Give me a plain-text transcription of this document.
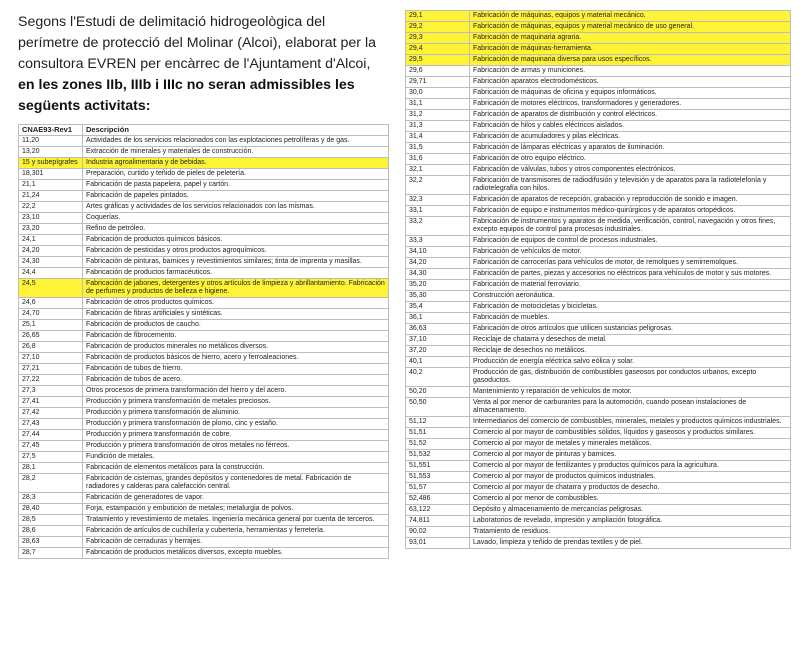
Segons l'Estudi de delimitació hidrogeològica del perímetre de protecció del Molinar (Alcoi), elaborat per la consultora EVREN per encàrrec de l'Ajuntament d'Alcoi, en les zones IIb, IIIb i IIIc no seran admissibles les següents activitats:
CNAE93-Rev1	Descripción
11,20	Actividades de los servicios relacionados con las explotaciones petrolíferas y de gas.
13,20	Extracción de minerales y materiales de construcción.
15 y subepígrafes	Industria agroalimentaria y de bebidas.
18,301	Preparación, curtido y teñido de pieles de peletería.
21,1	Fabricación de pasta papelera, papel y cartón.
21,24	Fabricación de papeles pintados.
22,2	Artes gráficas y actividades de los servicios relacionados con las mismas.
23,10	Coquerías.
23,20	Refino de petróleo.
24,1	Fabricación de productos químicos básicos.
24,20	Fabricación de pesticidas y otros productos agroquímicos.
24,30	Fabricación de pinturas, barnices y revestimientos similares; tinta de imprenta y masillas.
24,4	Fabricación de productos farmacéuticos.
24,5	Fabricación de jabones, detergentes y otros artículos de limpieza y abrillantamiento. Fabricación de perfumes y productos de belleza e higiene.
24,6	Fabricación de otros productos químicos.
24,70	Fabricación de fibras artificiales y sintéticas.
25,1	Fabricación de productos de caucho.
26,65	Fabricación de fibrocemento.
26,8	Fabricación de productos minerales no metálicos diversos.
27,10	Fabricación de productos básicos de hierro, acero y ferroaleaciones.
27,21	Fabricación de tubos de hierro.
27,22	Fabricación de tubos de acero.
27,3	Otros procesos de primera transformación del hierro y del acero.
27,41	Producción y primera transformación de metales preciosos.
27,42	Producción y primera transformación de aluminio.
27,43	Producción y primera transformación de plomo, cinc y estaño.
27,44	Producción y primera transformación de cobre.
27,45	Producción y primera transformación de otros metales no férreos.
27,5	Fundición de metales.
28,1	Fabricación de elementos metálicos para la construcción.
28,2	Fabricación de cisternas, grandes depósitos y contenedores de metal. Fabricación de radiadores y calderas para calefacción central.
28,3	Fabricación de generadores de vapor.
28,40	Forja, estampación y embutición de metales; metalurgia de polvos.
28,5	Tratamiento y revestimiento de metales. Ingeniería mecánica general por cuenta de terceros.
28,6	Fabricación de artículos de cuchillería y cubertería, herramientas y ferretería.
28,63	Fabricación de cerraduras y herrajes.
28,7	Fabricación de productos metálicos diversos, excepto muebles.
29,1	Fabricación de máquinas, equipos y material mecánico.
29,2	Fabricación de máquinas, equipos y material mecánico de uso general.
29,3	Fabricación de maquinaria agraria.
29,4	Fabricación de máquinas-herramienta.
29,5	Fabricación de maquinaria diversa para usos específicos.
29,6	Fabricación de armas y municiones.
29,71	Fabricación aparatos electrodomésticos.
30,0	Fabricación de máquinas de oficina y equipos informáticos.
31,1	Fabricación de motores eléctricos, transformadores y generadores.
31,2	Fabricación de aparatos de distribución y control eléctricos.
31,3	Fabricación de hilos y cables eléctricos aislados.
31,4	Fabricación de acumuladores y pilas eléctricas.
31,5	Fabricación de lámparas eléctricas y aparatos de iluminación.
31,6	Fabricación de otro equipo eléctrico.
32,1	Fabricación de válvulas, tubos y otros componentes electrónicos.
32,2	Fabricación de transmisores de radiodifusión y televisión y de aparatos para la radiotelefonía y radiotelegrafía con hilos.
32,3	Fabricación de aparatos de recepción, grabación y reproducción de sonido e imagen.
33,1	Fabricación de equipo e instrumentos médico-quirúrgicos y de aparatos ortopédicos.
33,2	Fabricación de instrumentos y aparatos de medida, verificación, control, navegación y otros fines, excepto equipos de control para procesos industriales.
33,3	Fabricación de equipos de control de procesos industriales.
34,10	Fabricación de vehículos de motor.
34,20	Fabricación de carrocerías para vehículos de motor, de remolques y semirremolques.
34,30	Fabricación de partes, piezas y accesorios no eléctricos para vehículos de motor y sus motores.
35,20	Fabricación de material ferroviario.
35,30	Construcción aeronáutica.
35,4	Fabricación de motocicletas y bicicletas.
36,1	Fabricación de muebles.
36,63	Fabricación de otros artículos que utilicen sustancias peligrosas.
37,10	Reciclaje de chatarra y desechos de metal.
37,20	Reciclaje de desechos no metálicos.
40,1	Producción de energía eléctrica salvo eólica y solar.
40,2	Producción de gas, distribución de combustibles gaseosos por conductos urbanos, excepto gasoductos.
50,20	Mantenimiento y reparación de vehículos de motor.
50,50	Venta al por menor de carburantes para la automoción, cuando posean instalaciones de almacenamiento.
51,12	Intermediarios del comercio de combustibles, minerales, metales y productos químicos industriales.
51,51	Comercio al por mayor de combustibles sólidos, líquidos y gaseosos y productos similares.
51,52	Comercio al por mayor de metales y minerales metálicos.
51,532	Comercio al por mayor de pinturas y barnices.
51,551	Comercio al por mayor de fertilizantes y productos químicos para la agricultura.
51,553	Comercio al por mayor de productos químicos industriales.
51,57	Comercio al por mayor de chatarra y productos de desecho.
52,486	Comercio al por menor de combustibles.
63,122	Depósito y almacenamiento de mercancías peligrosas.
74,811	Laboratorios de revelado, impresión y ampliación fotográfica.
90,02	Tratamiento de residuos.
93,01	Lavado, limpieza y teñido de prendas textiles y de piel.
